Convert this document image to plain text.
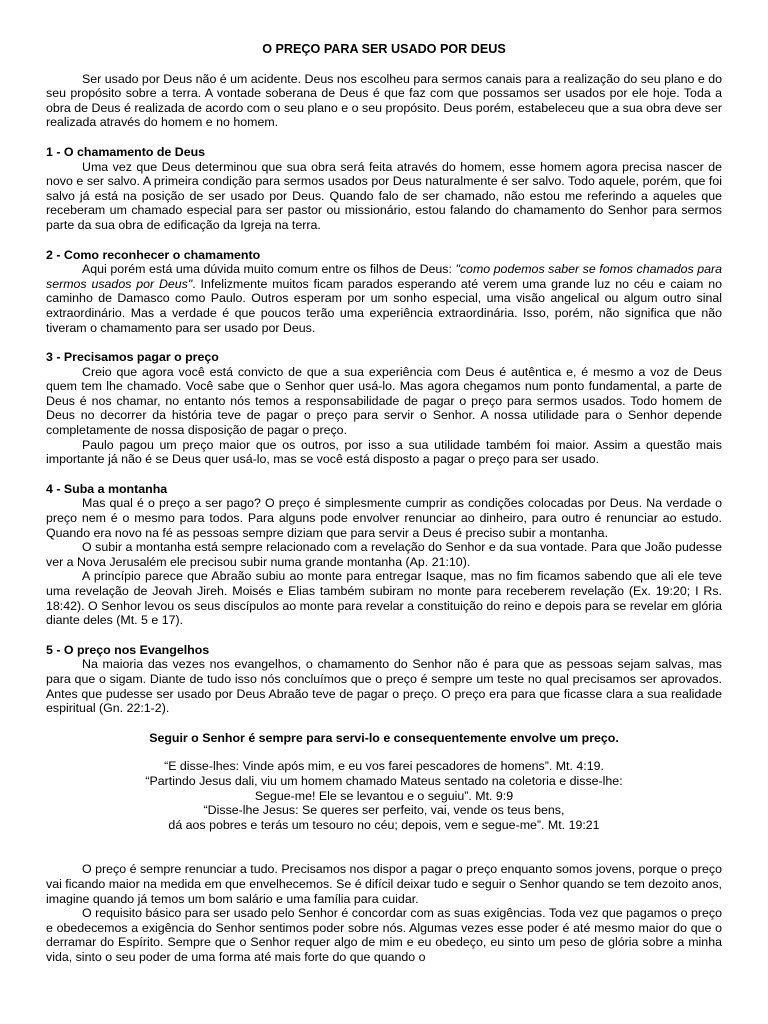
O PREÇO PARA SER USADO POR DEUS

Ser usado por Deus não é um acidente. Deus nos escolheu para sermos canais para a realização do seu plano e do seu propósito sobre a terra. A vontade soberana de Deus é que faz com que possamos ser usados por ele hoje. Toda a obra de Deus é realizada de acordo com o seu plano e o seu propósito. Deus porém, estabeleceu que a sua obra deve ser realizada através do homem e no homem.

1 - O chamamento de Deus

Uma vez que Deus determinou que sua obra será feita através do homem, esse homem agora precisa nascer de novo e ser salvo. A primeira condição para sermos usados por Deus naturalmente é ser salvo. Todo aquele, porém, que foi salvo já está na posição de ser usado por Deus. Quando falo de ser chamado, não estou me referindo a aqueles que receberam um chamado especial para ser pastor ou missionário, estou falando do chamamento do Senhor para sermos parte da sua obra de edificação da Igreja na terra.

2 - Como reconhecer o chamamento

Aqui porém está uma dúvida muito comum entre os filhos de Deus: "como podemos saber se fomos chamados para sermos usados por Deus". Infelizmente muitos ficam parados esperando até verem uma grande luz no céu e caiam no caminho de Damasco como Paulo. Outros esperam por um sonho especial, uma visão angelical ou algum outro sinal extraordinário. Mas a verdade é que poucos terão uma experiência extraordinária. Isso, porém, não significa que não tiveram o chamamento para ser usado por Deus.

3 - Precisamos pagar o preço

Creio que agora você está convicto de que a sua experiência com Deus é autêntica e, é mesmo a voz de Deus quem tem lhe chamado. Você sabe que o Senhor quer usá-lo. Mas agora chegamos num ponto fundamental, a parte de Deus é nos chamar, no entanto nós temos a responsabilidade de pagar o preço para sermos usados. Todo homem de Deus no decorrer da história teve de pagar o preço para servir o Senhor. A nossa utilidade para o Senhor depende completamente de nossa disposição de pagar o preço.

Paulo pagou um preço maior que os outros, por isso a sua utilidade também foi maior. Assim a questão mais importante já não é se Deus quer usá-lo, mas se você está disposto a pagar o preço para ser usado.

4 - Suba a montanha

Mas qual é o preço a ser pago? O preço é simplesmente cumprir as condições colocadas por Deus. Na verdade o preço nem é o mesmo para todos. Para alguns pode envolver renunciar ao dinheiro, para outro é renunciar ao estudo. Quando era novo na fé as pessoas sempre diziam que para servir a Deus é preciso subir a montanha.

O subir a montanha está sempre relacionado com a revelação do Senhor e da sua vontade. Para que João pudesse ver a Nova Jerusalém ele precisou subir numa grande montanha (Ap. 21:10).

A princípio parece que Abraão subiu ao monte para entregar Isaque, mas no fim ficamos sabendo que ali ele teve uma revelação de Jeovah Jireh. Moisés e Elias também subiram no monte para receberem revelação (Ex. 19:20; I Rs. 18:42). O Senhor levou os seus discípulos ao monte para revelar a constituição do reino e depois para se revelar em glória diante deles (Mt. 5 e 17).

5 - O preço nos Evangelhos

Na maioria das vezes nos evangelhos, o chamamento do Senhor não é para que as pessoas sejam salvas, mas para que o sigam. Diante de tudo isso nós concluímos que o preço é sempre um teste no qual precisamos ser aprovados. Antes que pudesse ser usado por Deus Abraão teve de pagar o preço. O preço era para que ficasse clara a sua realidade espiritual (Gn. 22:1-2).

Seguir o Senhor é sempre para servi-lo e consequentemente envolve um preço.
“E disse-lhes: Vinde após mim, e eu vos farei pescadores de homens”. Mt. 4:19.
“Partindo Jesus dali, viu um homem chamado Mateus sentado na coletoria e disse-lhe:
Segue-me! Ele se levantou e o seguiu”. Mt. 9:9
“Disse-lhe Jesus: Se queres ser perfeito, vai, vende os teus bens,
dá aos pobres e terás um tesouro no céu; depois, vem e segue-me”. Mt. 19:21

O preço é sempre renunciar a tudo. Precisamos nos dispor a pagar o preço enquanto somos jovens, porque o preço vai ficando maior na medida em que envelhecemos. Se é difícil deixar tudo e seguir o Senhor quando se tem dezoito anos, imagine quando já temos um bom salário e uma família para cuidar.

O requisito básico para ser usado pelo Senhor é concordar com as suas exigências. Toda vez que pagamos o preço e obedecemos a exigência do Senhor sentimos poder sobre nós. Algumas vezes esse poder é até mesmo maior do que o derramar do Espírito. Sempre que o Senhor requer algo de mim e eu obedeço, eu sinto um peso de glória sobre a minha vida, sinto o seu poder de uma forma até mais forte do que quando o
